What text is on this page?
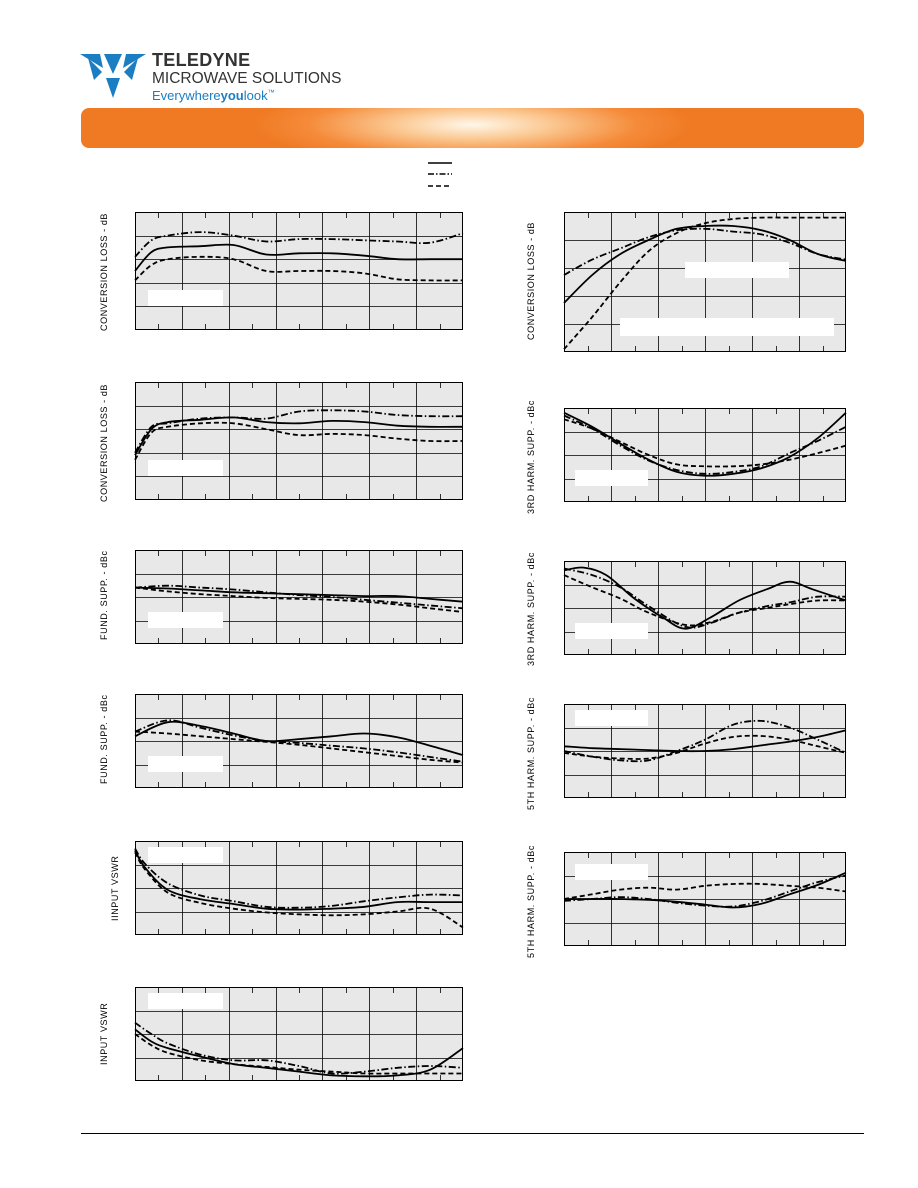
TELEDYNE
MICROWAVE SOLUTIONS
Everywhereyoulook™
CONVERSION LOSS - dB
CONVERSION LOSS - dB
FUND. SUPP. - dBc
FUND. SUPP. - dBc
IINPUT VSWR
INPUT VSWR
CONVERSION LOSS - dB
3RD HARM. SUPP. - dBc
3RD HARM. SUPP. - dBc
5TH HARM. SUPP. - dBc
5TH HARM. SUPP. - dBc
